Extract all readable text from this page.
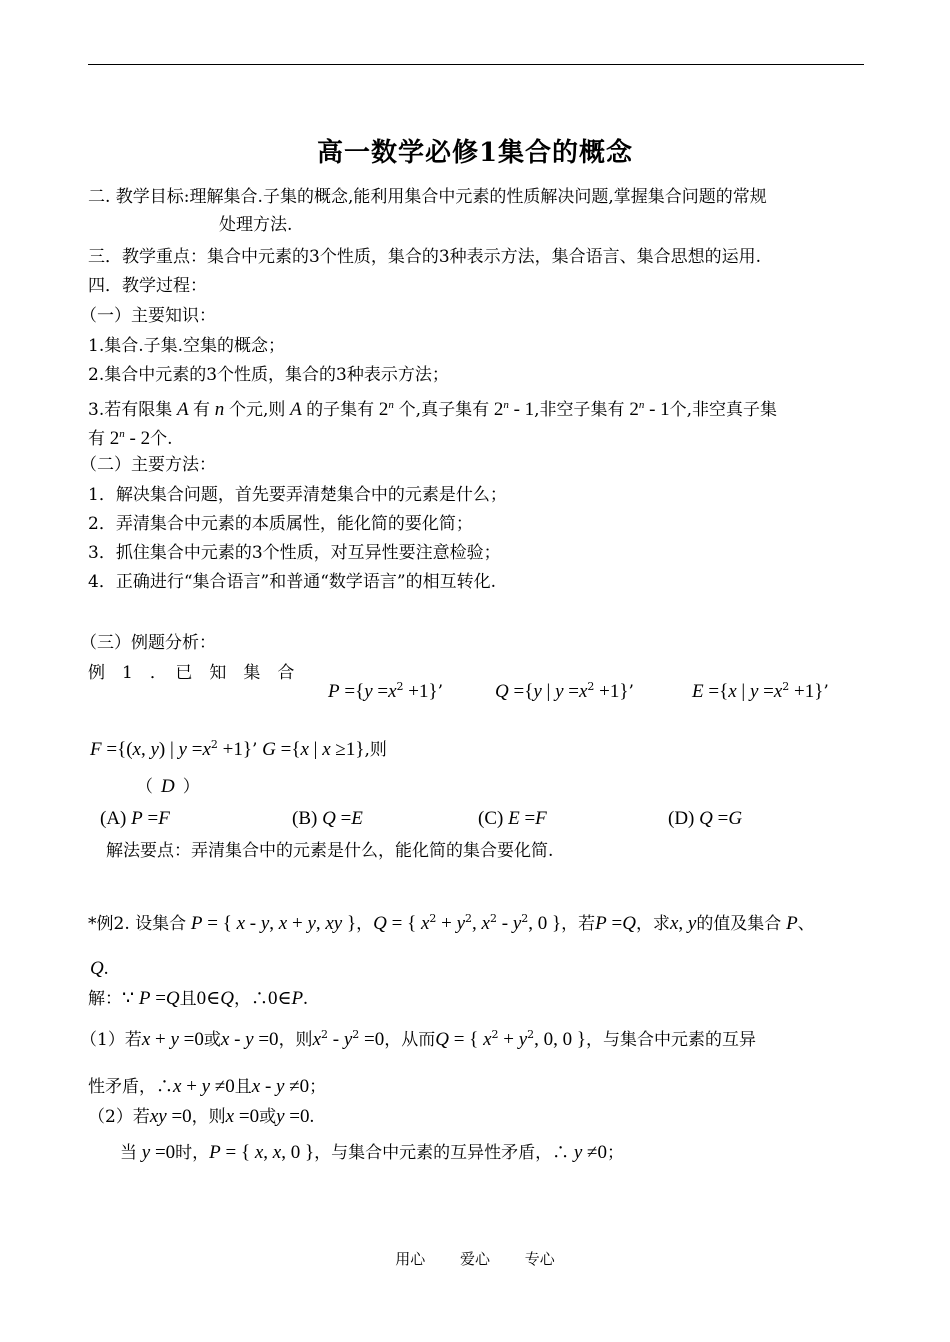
高一数学必修1集合的概念
二. 教学目标:理解集合.子集的概念,能利用集合中元素的性质解决问题,掌握集合问题的常规
处理方法.
三．教学重点：集合中元素的3个性质，集合的3种表示方法，集合语言、集合思想的运用.
四．教学过程：
（一）主要知识：
1.集合.子集.空集的概念；
2.集合中元素的3个性质，集合的3种表示方法；
3.若有限集 A 有 n 个元,则 A 的子集有 2$^n$ 个,真子集有 2$^n$ - 1,非空子集有 2$^n$ - 1个,非空真子集
有 2$^n$ - 2个.
（二）主要方法：
1．解决集合问题，首先要弄清楚集合中的元素是什么；
2．弄清集合中元素的本质属性，能化简的要化简；
3．抓住集合中元素的3个性质，对互异性要注意检验；
4．正确进行“集合语言”和普通“数学语言”的相互转化.
（三）例题分析：
例　1　．　已　知　集　合
$P =\{y =x^2 +1\}$’	Q ={y | $y =x^2 +1$}’	E ={x | $y =x^2 +1$}’
F ={(x, y) | $y =x^2 +1$}’ G ={x | x ≥1},则
（ D ）
(A) P =F	(B) Q =E	(C) E =F	(D) Q =G
解法要点：弄清集合中的元素是什么，能化简的集合要化简.
*例2. 设集合 P = { x - y, x + y, xy }，Q = { $x^2 + y^2$, $x^2 - y^2$, 0 }，若P =Q，求x, y的值及集合 P、
Q.
解：∵ P =Q且0∈Q，∴0∈P.
（1）若x + y =0或x - y =0，则$x^2 - y^2 =0$，从而Q = { $x^2 + y^2$, 0, 0 }，与集合中元素的互异
性矛盾，∴x + y ≠0且x - y ≠0；
（2）若xy =0，则x =0或y =0.
当 y =0时，P = { x, x, 0 }，与集合中元素的互异性矛盾，∴ y ≠0；
用心 爱心 专心
